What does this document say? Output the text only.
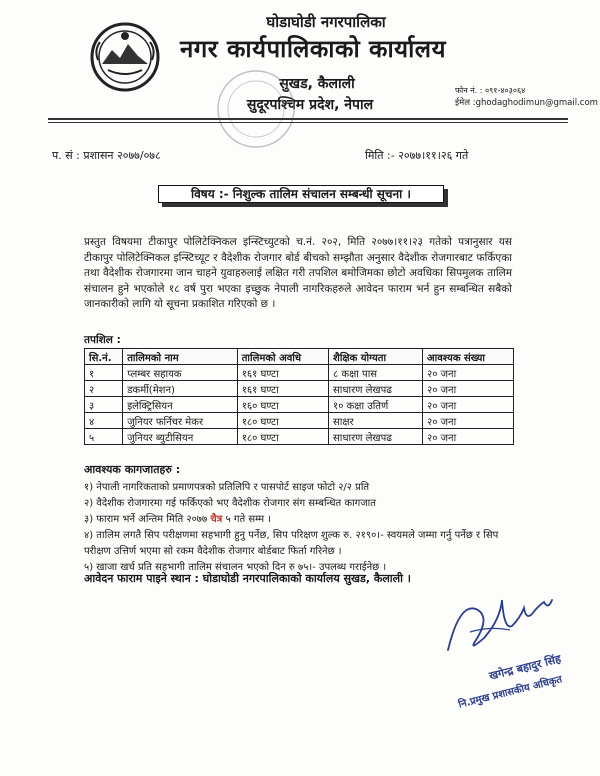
घोडाघोडी नगरपालिका
नगर कार्यपालिकाको कार्यालय
सुखड, कैलाली
सुदूरपश्चिम प्रदेश, नेपाल
फोन नं. : ०९१-४०३०६४
ईमेल :ghodaghodimun@gmail.com
प. सं : प्रशासन २०७७/०७८	मिति :- २०७७।११।२६ गते
विषय :- निशुल्क तालिम संचालन सम्बन्धी सूचना ।
प्रस्तुत विषयमा टीकापुर पोलिटेक्निकल इन्स्टिच्युटको च.नं. २०२, मिति २०७७।११।२३ गतेको पत्रानुसार यस टीकापुर पोलिटेक्निकल इन्स्टिच्यूट र वैदेशीक रोजगार बोर्ड बीचको सम्झौता अनुसार वैदेशीक रोजगारबाट फर्किएका तथा वैदेशीक रोजगारमा जान चाहने युवाहरुलाई लक्षित गरी तपशिल बमोजिमका छोटो अवधिका सिपमुलक तालिम संचालन हुने भएकोले १८ वर्ष पुरा भएका इच्छुक नेपाली नागरिकहरुले आवेदन फाराम भर्न हुन सम्बन्धित सबैको जानकारीको लागि यो सूचना प्रकाशित गरिएको छ ।
तपशिल :
सि.नं.	तालिमको नाम	तालिमको अवधि	शैक्षिक योग्यता	आवश्यक संख्या
१	प्लम्बर सहायक	१६१ घण्टा	८ कक्षा पास	२० जना
२	डकर्मी(मेशन)	१६१ घण्टा	साधारण लेखपढ	२० जना
३	इलेक्ट्रिसियन	१६० घण्टा	१० कक्षा उतिर्ण	२० जना
४	जुनियर फर्निचर मेकर	१८० घण्टा	साक्षर	२० जना
५	जुनियर ब्युटीसियन	१८० घण्टा	साधारण लेखपढ	२० जना
आवश्यक कागजातहरु :
१) नेपाली नागरिकताको प्रमाणपत्रको प्रतिलिपि र पासपोर्ट साइज फोटो २/२ प्रति
२) वैदेशीक रोजगारमा गई फर्किएको भए वैदेशीक रोजगार संग सम्बन्धित कागजात
३) फाराम भर्ने अन्तिम मिति २०७७ चैत्र ५ गते सम्म ।
४) तालिम लगतै सिप परीक्षणमा सहभागी हुनु पर्नेछ, सिप परिक्षण शुल्क रु. २१९०।- स्वयमले जम्मा गर्नु पर्नेछ र सिप परीक्षण उत्तिर्ण भएमा सो रकम वैदेशीक रोजगार बोर्डबाट फिर्ता गरिनेछ ।
५) खाजा खर्च प्रति सहभागी तालिम संचालन भएको दिन रु ७५।- उपलब्ध गराईनेछ ।
आवेदन फाराम पाइने स्थान : घोडाघोडी नगरपालिकाको कार्यालय सुखड, कैलाली ।
खगेन्द्र बहादुर सिंह
नि.प्रमुख प्रशासकीय अधिकृत
